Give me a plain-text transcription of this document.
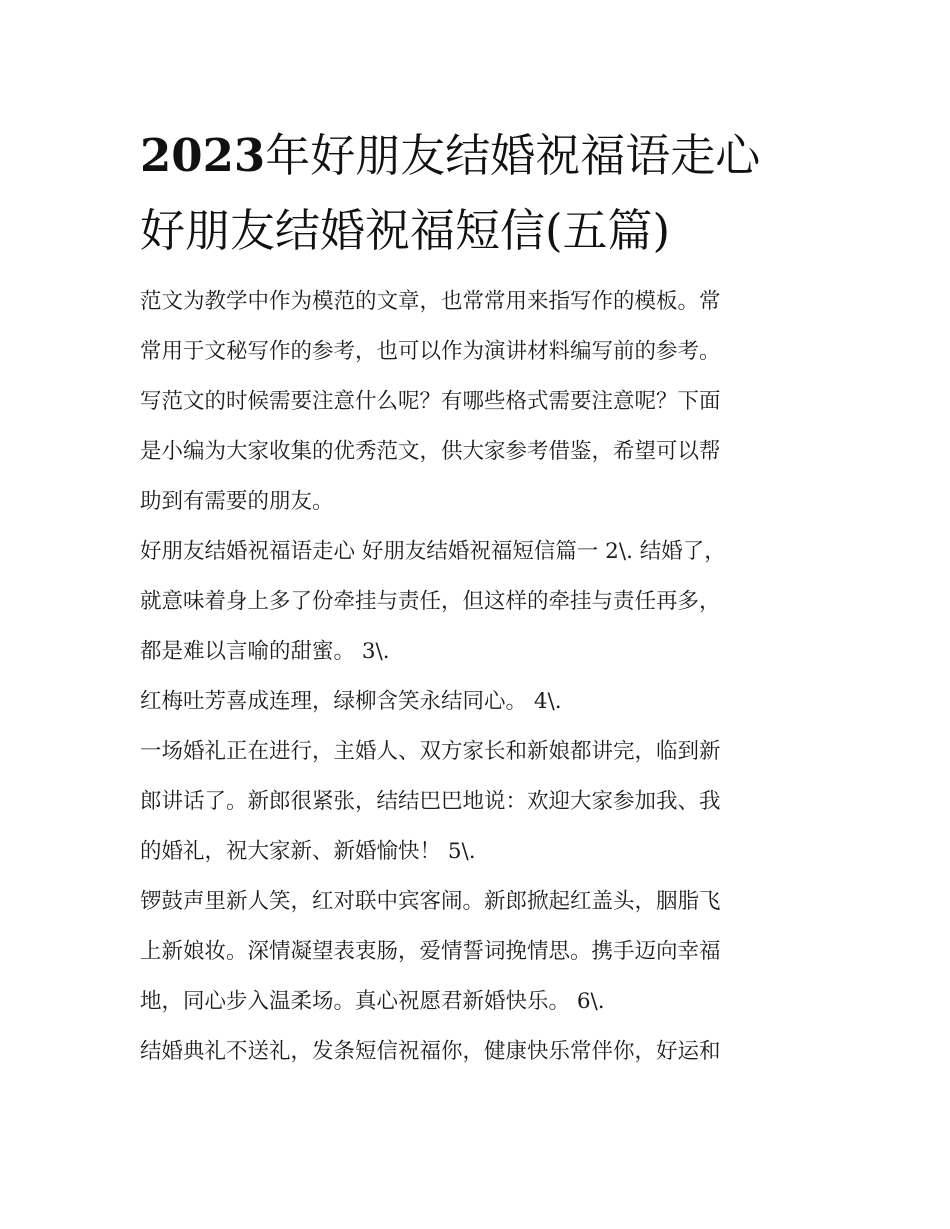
2023年好朋友结婚祝福语走心
好朋友结婚祝福短信(五篇)

范文为教学中作为模范的文章，也常常用来指写作的模板。常
常用于文秘写作的参考，也可以作为演讲材料编写前的参考。
写范文的时候需要注意什么呢？有哪些格式需要注意呢？下面
是小编为大家收集的优秀范文，供大家参考借鉴，希望可以帮
助到有需要的朋友。

好朋友结婚祝福语走心 好朋友结婚祝福短信篇一 2\. 结婚了，
就意味着身上多了份牵挂与责任，但这样的牵挂与责任再多，
都是难以言喻的甜蜜。 3\.

红梅吐芳喜成连理，绿柳含笑永结同心。 4\.

一场婚礼正在进行，主婚人、双方家长和新娘都讲完，临到新
郎讲话了。新郎很紧张，结结巴巴地说：欢迎大家参加我、我
的婚礼，祝大家新、新婚愉快！ 5\.

锣鼓声里新人笑，红对联中宾客闹。新郎掀起红盖头，胭脂飞
上新娘妆。深情凝望表衷肠，爱情誓词挽情思。携手迈向幸福
地，同心步入温柔场。真心祝愿君新婚快乐。 6\.

结婚典礼不送礼，发条短信祝福你，健康快乐常伴你，好运和
